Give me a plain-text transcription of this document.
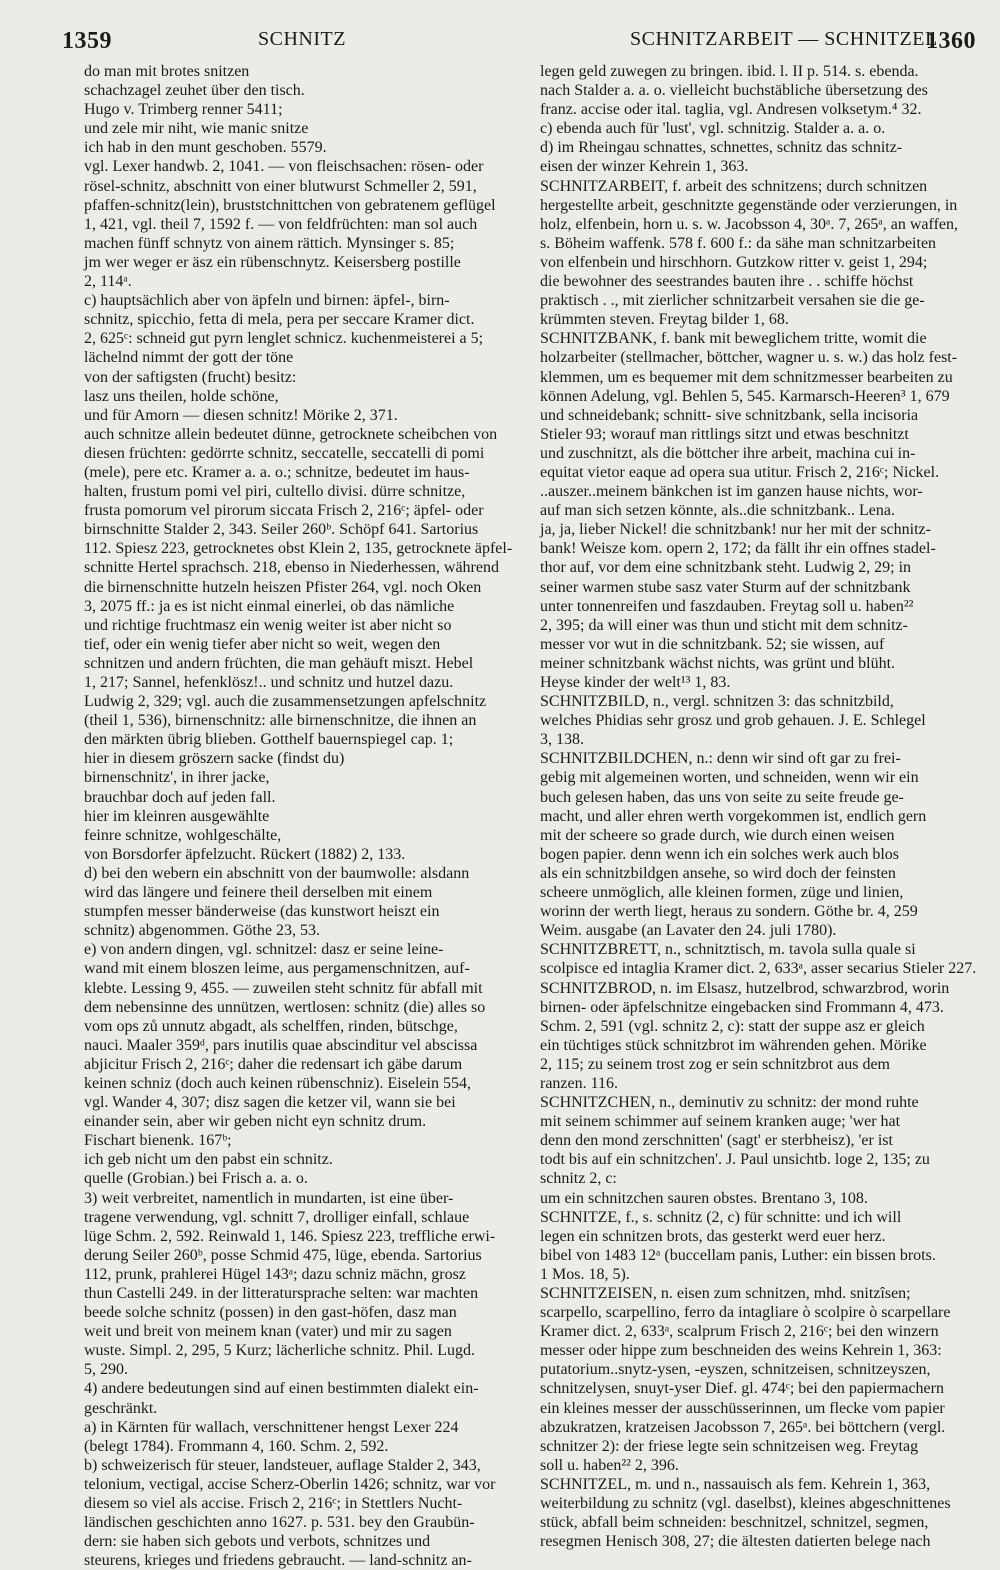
1359	SCHNITZ	SCHNITZARBEIT — SCHNITZEL
1360
do man mit brotes snitzen
schachzagel zeuhet über den tisch.
Hugo v. Trimberg renner 5411;
und zele mir niht, wie manic snitze
ich hab in den munt geschoben. 5579.
vgl. Lexer handwb. 2, 1041. — von fleischsachen: rösen- oder
rösel-schnitz, abschnitt von einer blutwurst Schmeller 2, 591,
pfaffen-schnitz(lein), bruststchnittchen von gebratenem geflügel
1, 421, vgl. theil 7, 1592 f. — von feldfrüchten: man sol auch
machen fünff schnytz von ainem rättich. Mynsinger s. 85;
jm wer weger er äsz ein rübenschnytz. Keisersberg postille
2, 114ᵃ.
c) hauptsächlich aber von äpfeln und birnen: äpfel-, birn-
schnitz, spicchio, fetta di mela, pera per seccare Kramer dict.
2, 625ᶜ: schneid gut pyrn lenglet schnicz. kuchenmeisterei a 5;
lächelnd nimmt der gott der töne
von der saftigsten (frucht) besitz:
lasz uns theilen, holde schöne,
und für Amorn — diesen schnitz! Mörike 2, 371.
auch schnitze allein bedeutet dünne, getrocknete scheibchen von
diesen früchten: gedörrte schnitz, seccatelle, seccatelli di pomi
(mele), pere etc. Kramer a. a. o.; schnitze, bedeutet im haus-
halten, frustum pomi vel piri, cultello divisi. dürre schnitze,
frusta pomorum vel pirorum siccata Frisch 2, 216ᶜ; äpfel- oder
birnschnitte Stalder 2, 343. Seiler 260ᵇ. Schöpf 641. Sartorius
112. Spiesz 223, getrocknetes obst Klein 2, 135, getrocknete äpfel-
schnitte Hertel sprachsch. 218, ebenso in Niederhessen, während
die birnenschnitte hutzeln heiszen Pfister 264, vgl. noch Oken
3, 2075 ff.: ja es ist nicht einmal einerlei, ob das nämliche
und richtige fruchtmasz ein wenig weiter ist aber nicht so
tief, oder ein wenig tiefer aber nicht so weit, wegen den
schnitzen und andern früchten, die man gehäuft miszt. Hebel
1, 217; Sannel, hefenklösz!.. und schnitz und hutzel dazu.
Ludwig 2, 329; vgl. auch die zusammensetzungen apfelschnitz
(theil 1, 536), birnenschnitz: alle birnenschnitze, die ihnen an
den märkten übrig blieben. Gotthelf bauernspiegel cap. 1;
hier in diesem gröszern sacke (findst du)
birnenschnitz', in ihrer jacke,
brauchbar doch auf jeden fall.
hier im kleinren ausgewählte
feinre schnitze, wohlgeschälte,
von Borsdorfer äpfelzucht. Rückert (1882) 2, 133.
d) bei den webern ein abschnitt von der baumwolle: alsdann
wird das längere und feinere theil derselben mit einem
stumpfen messer bänderweise (das kunstwort heiszt ein
schnitz) abgenommen. Göthe 23, 53.
e) von andern dingen, vgl. schnitzel: dasz er seine leine-
wand mit einem bloszen leime, aus pergamenschnitzen, auf-
klebte. Lessing 9, 455. — zuweilen steht schnitz für abfall mit
dem nebensinne des unnützen, wertlosen: schnitz (die) alles so
vom ops zů unnutz abgadt, als schelffen, rinden, bütschge,
nauci. Maaler 359ᵈ, pars inutilis quae abscinditur vel abscissa
abjicitur Frisch 2, 216ᶜ; daher die redensart ich gäbe darum
keinen schniz (doch auch keinen rübenschniz). Eiselein 554,
vgl. Wander 4, 307; disz sagen die ketzer vil, wann sie bei
einander sein, aber wir geben nicht eyn schnitz drum.
Fischart bienenk. 167ᵇ;
ich geb nicht um den pabst ein schnitz.
quelle (Grobian.) bei Frisch a. a. o.
3) weit verbreitet, namentlich in mundarten, ist eine über-
tragene verwendung, vgl. schnitt 7, drolliger einfall, schlaue
lüge Schm. 2, 592. Reinwald 1, 146. Spiesz 223, treffliche erwi-
derung Seiler 260ᵇ, posse Schmid 475, lüge, ebenda. Sartorius
112, prunk, prahlerei Hügel 143ᵃ; dazu schniz mächn, grosz
thun Castelli 249. in der litteratursprache selten: war machten
beede solche schnitz (possen) in den gast-höfen, dasz man
weit und breit von meinem knan (vater) und mir zu sagen
wuste. Simpl. 2, 295, 5 Kurz; lächerliche schnitz. Phil. Lugd.
5, 290.
4) andere bedeutungen sind auf einen bestimmten dialekt ein-
geschränkt.
a) in Kärnten für wallach, verschnittener hengst Lexer 224
(belegt 1784). Frommann 4, 160. Schm. 2, 592.
b) schweizerisch für steuer, landsteuer, auflage Stalder 2, 343,
telonium, vectigal, accise Scherz-Oberlin 1426; schnitz, war vor
diesem so viel als accise. Frisch 2, 216ᶜ; in Stettlers Nucht-
ländischen geschichten anno 1627. p. 531. bey den Graubün-
dern: sie haben sich gebots und verbots, schnitzes und
steurens, krieges und friedens gebraucht. — land-schnitz an-
legen geld zuwegen zu bringen. ibid. l. II p. 514. s. ebenda.
nach Stalder a. a. o. vielleicht buchstäbliche übersetzung des
franz. accise oder ital. taglia, vgl. Andresen volksetym.⁴ 32.
c) ebenda auch für 'lust', vgl. schnitzig. Stalder a. a. o.
d) im Rheingau schnattes, schnettes, schnitz das schnitz-
eisen der winzer Kehrein 1, 363.
SCHNITZARBEIT, f. arbeit des schnitzens; durch schnitzen
hergestellte arbeit, geschnitzte gegenstände oder verzierungen, in
holz, elfenbein, horn u. s. w. Jacobsson 4, 30ᵃ. 7, 265ᵃ, an waffen,
s. Böheim waffenk. 578 f. 600 f.: da sähe man schnitzarbeiten
von elfenbein und hirschhorn. Gutzkow ritter v. geist 1, 294;
die bewohner des seestrandes bauten ihre . . schiffe höchst
praktisch . ., mit zierlicher schnitzarbeit versahen sie die ge-
krümmten steven. Freytag bilder 1, 68.
SCHNITZBANK, f. bank mit beweglichem tritte, womit die
holzarbeiter (stellmacher, böttcher, wagner u. s. w.) das holz fest-
klemmen, um es bequemer mit dem schnitzmesser bearbeiten zu
können Adelung, vgl. Behlen 5, 545. Karmarsch-Heeren³ 1, 679
und schneidebank; schnitt- sive schnitzbank, sella incisoria
Stieler 93; worauf man rittlings sitzt und etwas beschnitzt
und zuschnitzt, als die böttcher ihre arbeit, machina cui in-
equitat vietor eaque ad opera sua utitur. Frisch 2, 216ᶜ; Nickel.
..auszer..meinem bänkchen ist im ganzen hause nichts, wor-
auf man sich setzen könnte, als..die schnitzbank.. Lena.
ja, ja, lieber Nickel! die schnitzbank! nur her mit der schnitz-
bank! Weisze kom. opern 2, 172; da fällt ihr ein offnes stadel-
thor auf, vor dem eine schnitzbank steht. Ludwig 2, 29; in
seiner warmen stube sasz vater Sturm auf der schnitzbank
unter tonnenreifen und faszdauben. Freytag soll u. haben²²
2, 395; da will einer was thun und sticht mit dem schnitz-
messer vor wut in die schnitzbank. 52; sie wissen, auf
meiner schnitzbank wächst nichts, was grünt und blüht.
Heyse kinder der welt¹³ 1, 83.
SCHNITZBILD, n., vergl. schnitzen 3: das schnitzbild,
welches Phidias sehr grosz und grob gehauen. J. E. Schlegel
3, 138.
SCHNITZBILDCHEN, n.: denn wir sind oft gar zu frei-
gebig mit algemeinen worten, und schneiden, wenn wir ein
buch gelesen haben, das uns von seite zu seite freude ge-
macht, und aller ehren werth vorgekommen ist, endlich gern
mit der scheere so grade durch, wie durch einen weisen
bogen papier. denn wenn ich ein solches werk auch blos
als ein schnitzbildgen ansehe, so wird doch der feinsten
scheere unmöglich, alle kleinen formen, züge und linien,
worinn der werth liegt, heraus zu sondern. Göthe br. 4, 259
Weim. ausgabe (an Lavater den 24. juli 1780).
SCHNITZBRETT, n., schnitztisch, m. tavola sulla quale si
scolpisce ed intaglia Kramer dict. 2, 633ᵃ, asser secarius Stieler 227.
SCHNITZBROD, n. im Elsasz, hutzelbrod, schwarzbrod, worin
birnen- oder äpfelschnitze eingebacken sind Frommann 4, 473.
Schm. 2, 591 (vgl. schnitz 2, c): statt der suppe asz er gleich
ein tüchtiges stück schnitzbrot im währenden gehen. Mörike
2, 115; zu seinem trost zog er sein schnitzbrot aus dem
ranzen. 116.
SCHNITZCHEN, n., deminutiv zu schnitz: der mond ruhte
mit seinem schimmer auf seinem kranken auge; 'wer hat
denn den mond zerschnitten' (sagt' er sterbheisz), 'er ist
todt bis auf ein schnitzchen'. J. Paul unsichtb. loge 2, 135; zu
schnitz 2, c:
um ein schnitzchen sauren obstes. Brentano 3, 108.
SCHNITZE, f., s. schnitz (2, c) für schnitte: und ich will
legen ein schnitzen brots, das gesterkt werd euer herz.
bibel von 1483 12ᵃ (buccellam panis, Luther: ein bissen brots.
1 Mos. 18, 5).
SCHNITZEISEN, n. eisen zum schnitzen, mhd. snitzîsen;
scarpello, scarpellino, ferro da intagliare ò scolpire ò scarpellare
Kramer dict. 2, 633ᵃ, scalprum Frisch 2, 216ᶜ; bei den winzern
messer oder hippe zum beschneiden des weins Kehrein 1, 363:
putatorium..snytz-ysen, -eyszen, schnitzeisen, schnitzeyszen,
schnitzelysen, snuyt-yser Dief. gl. 474ᶜ; bei den papiermachern
ein kleines messer der ausschüsserinnen, um flecke vom papier
abzukratzen, kratzeisen Jacobsson 7, 265ᵃ. bei böttchern (vergl.
schnitzer 2): der friese legte sein schnitzeisen weg. Freytag
soll u. haben²² 2, 396.
SCHNITZEL, m. und n., nassauisch als fem. Kehrein 1, 363,
weiterbildung zu schnitz (vgl. daselbst), kleines abgeschnittenes
stück, abfall beim schneiden: beschnitzel, schnitzel, segmen,
resegmen Henisch 308, 27; die ältesten datierten belege nach
